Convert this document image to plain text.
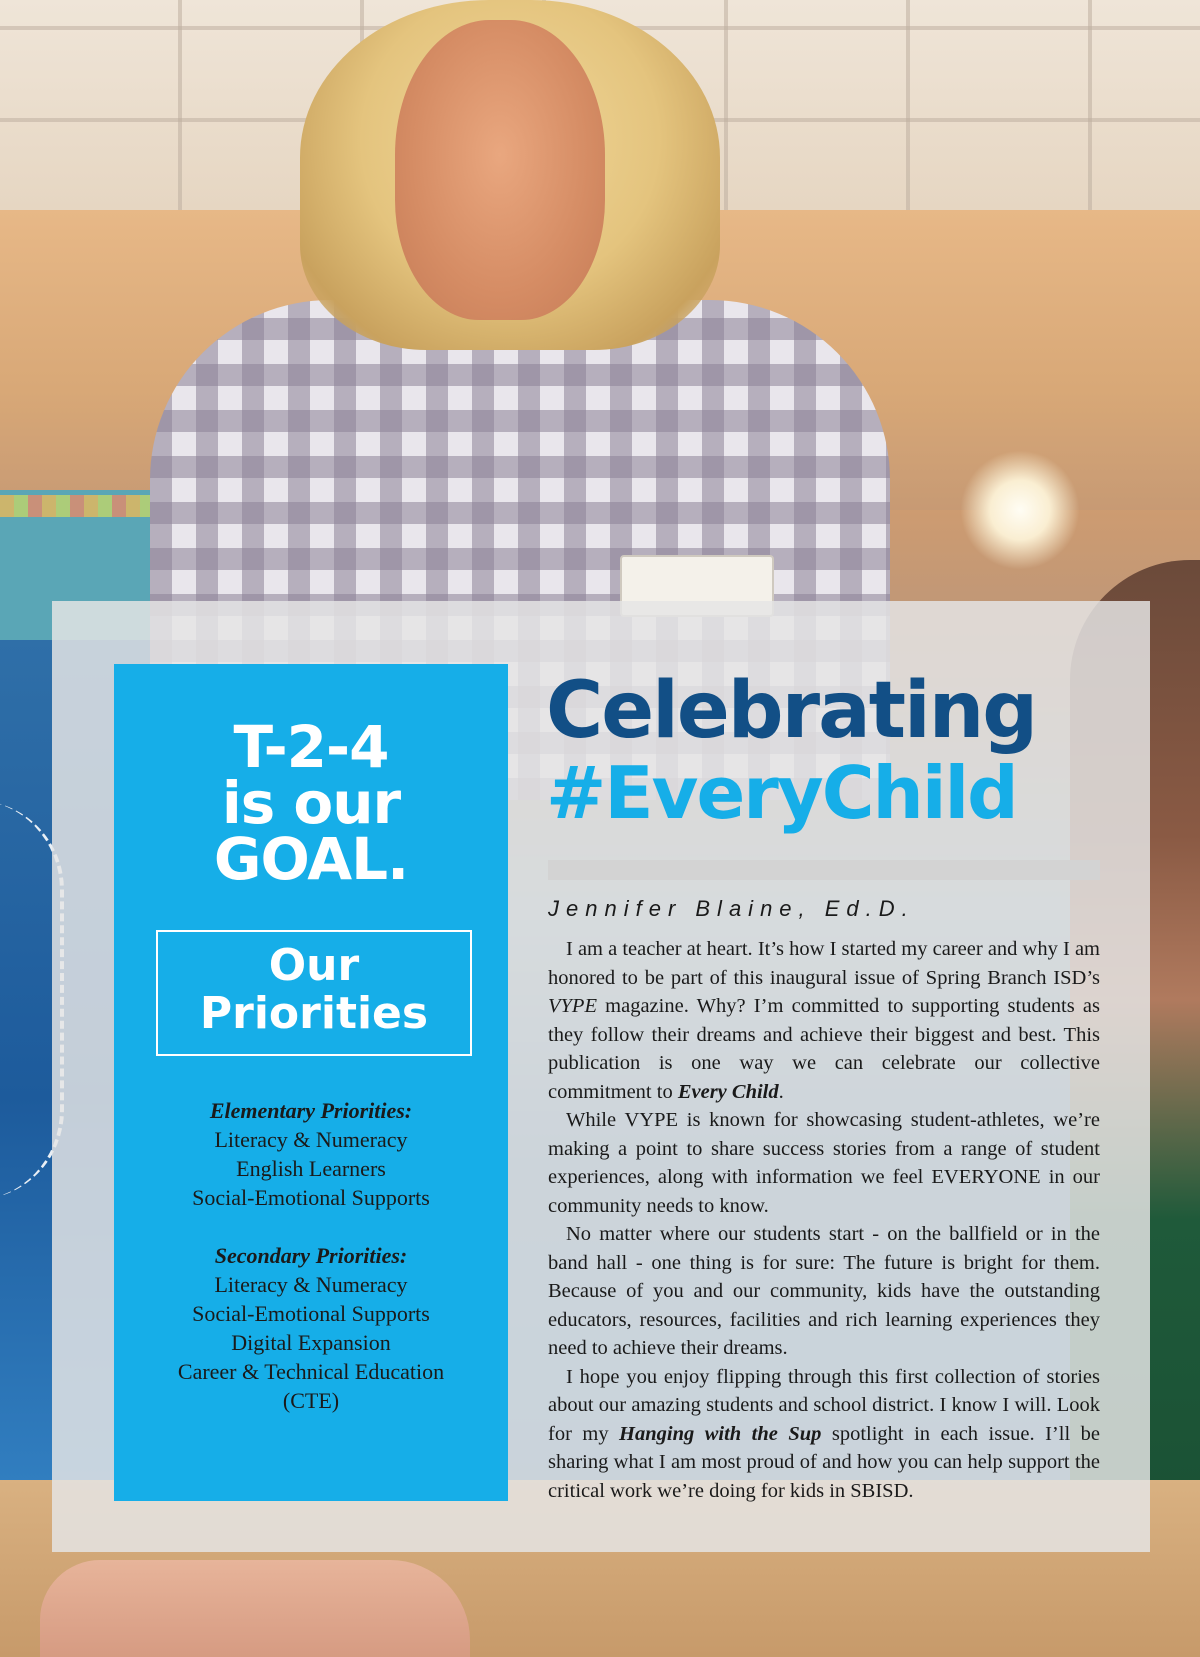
T-2-4
is our
GOAL.
Our
Priorities
Elementary Priorities:
Literacy & Numeracy
English Learners
Social-Emotional Supports
Secondary Priorities:
Literacy & Numeracy
Social-Emotional Supports
Digital Expansion
Career & Technical Education
(CTE)
Celebrating
#EveryChild
Jennifer Blaine, Ed.D.

I am a teacher at heart. It’s how I started my career and why I am honored to be part of this inaugural issue of Spring Branch ISD’s VYPE magazine. Why? I’m committed to supporting students as they follow their dreams and achieve their biggest and best. This publication is one way we can celebrate our collective commitment to Every Child.

While VYPE is known for showcasing student-athletes, we’re making a point to share success stories from a range of student experiences, along with information we feel EVERYONE in our community needs to know.

No matter where our students start - on the ballfield or in the band hall - one thing is for sure: The future is bright for them. Because of you and our community, kids have the outstanding educators, resources, facilities and rich learning experiences they need to achieve their dreams.

I hope you enjoy flipping through this first collection of stories about our amazing students and school district. I know I will. Look for my Hanging with the Sup spotlight in each issue. I’ll be sharing what I am most proud of and how you can help support the critical work we’re doing for kids in SBISD.
